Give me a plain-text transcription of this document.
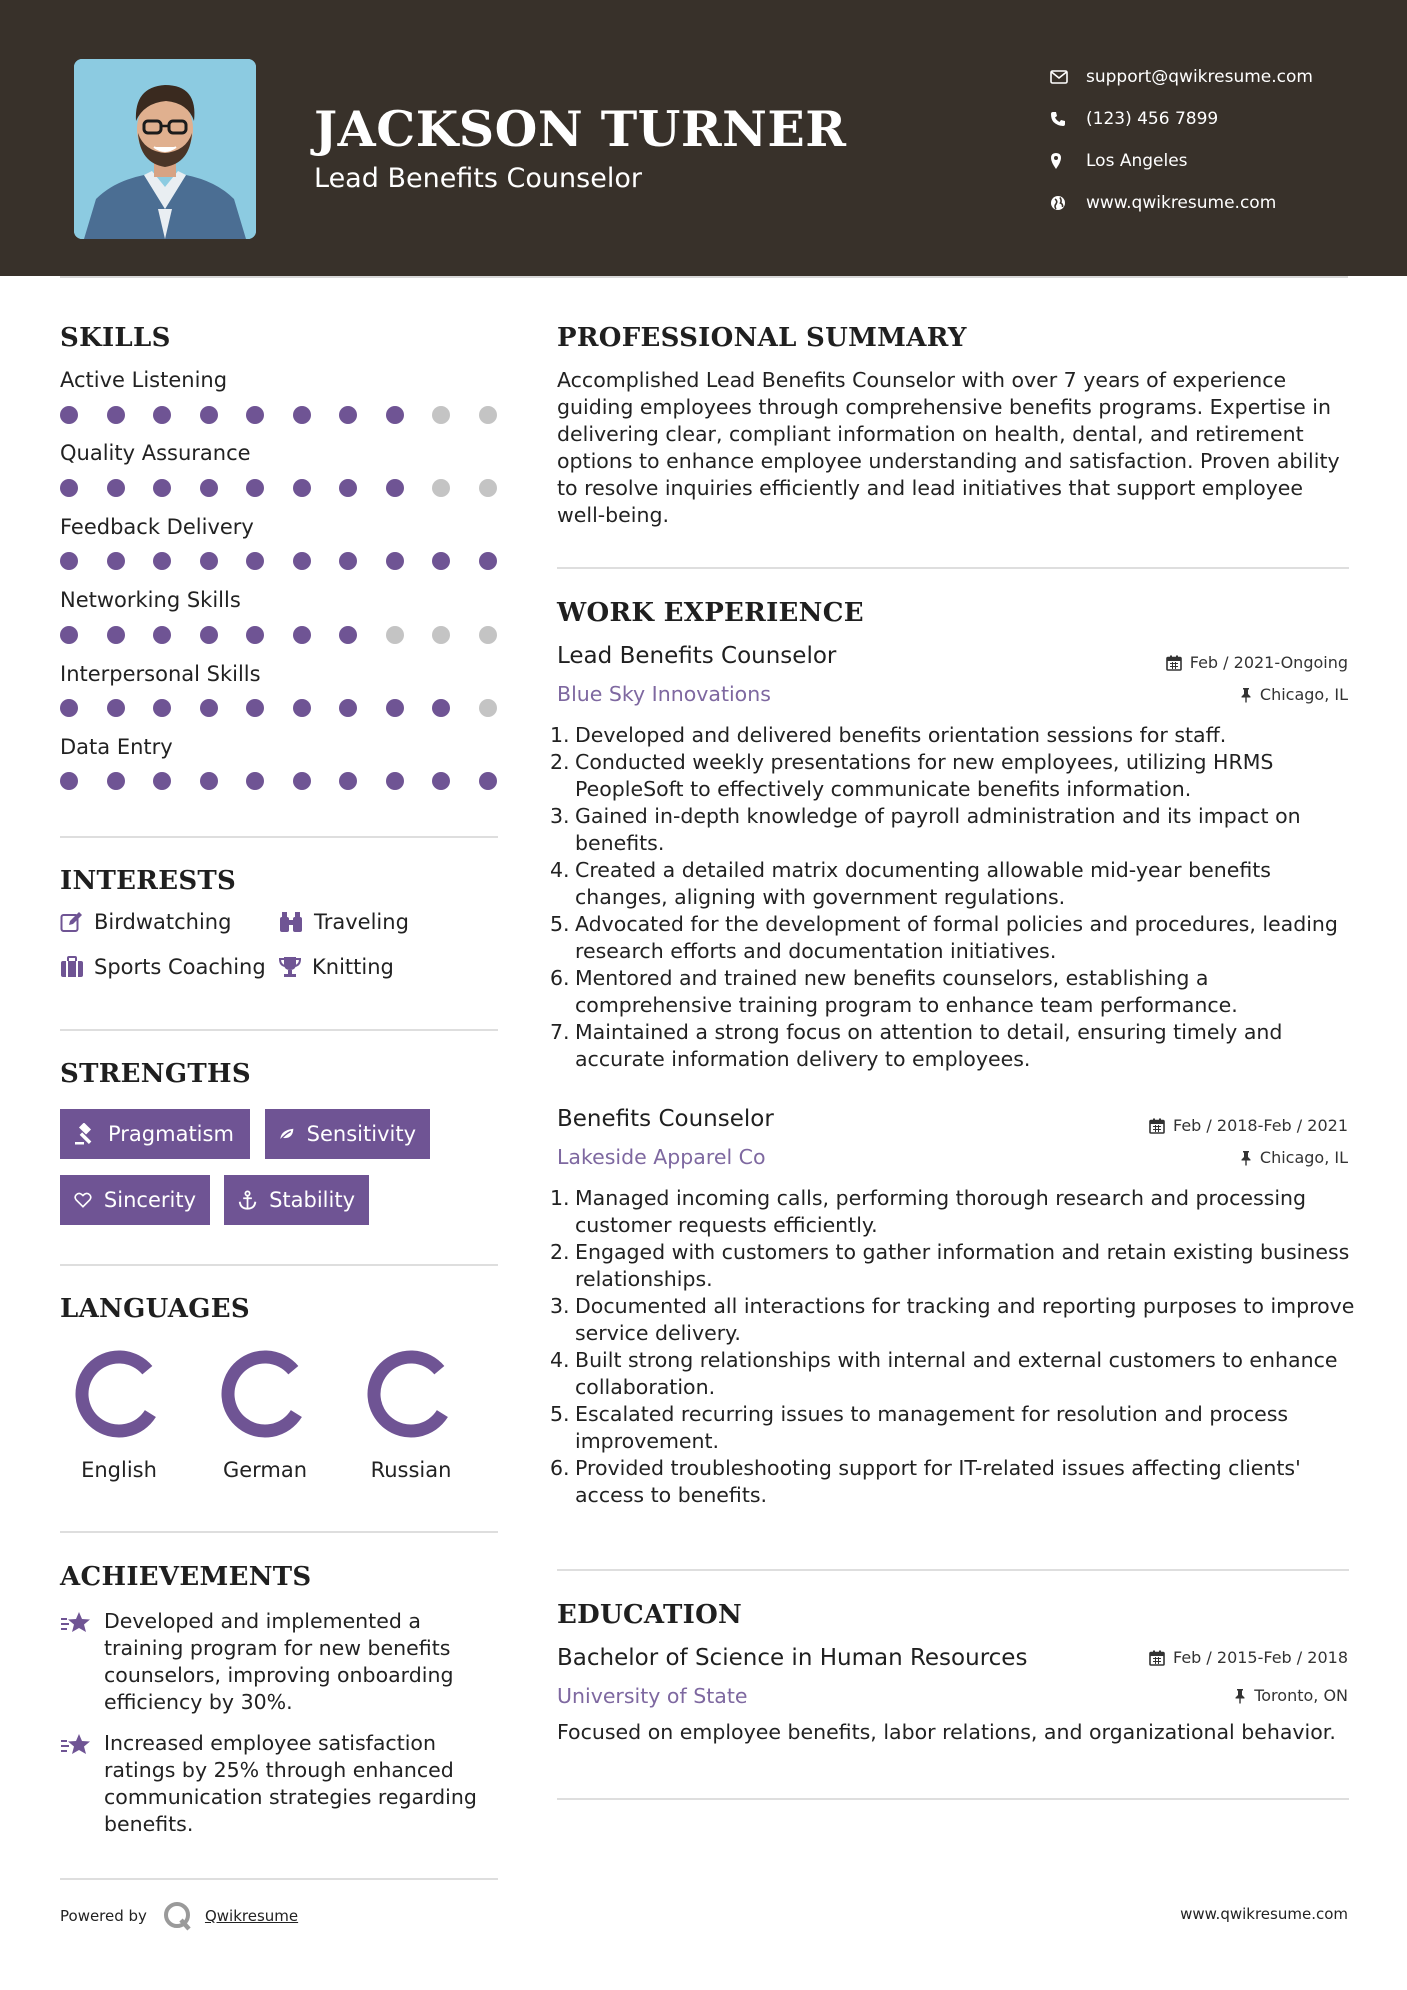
JACKSON TURNER
Lead Benefits Counselor
support@qwikresume.com
(123) 456 7899
Los Angeles
www.qwikresume.com
SKILLS
Active Listening
Quality Assurance
Feedback Delivery
Networking Skills
Interpersonal Skills
Data Entry
INTERESTS
Birdwatching	Traveling
Sports Coaching Knitting
STRENGTHS
Pragmatism	Sensitivity
Sincerity	Stability
LANGUAGES
English	German	Russian
ACHIEVEMENTS
Developed and implemented a training program for new benefits counselors, improving onboarding efficiency by 30%.
Increased employee satisfaction ratings by 25% through enhanced communication strategies regarding benefits.
PROFESSIONAL SUMMARY
Accomplished Lead Benefits Counselor with over 7 years of experience guiding employees through comprehensive benefits programs. Expertise in delivering clear, compliant information on health, dental, and retirement options to enhance employee understanding and satisfaction. Proven ability to resolve inquiries efficiently and lead initiatives that support employee well-being.
WORK EXPERIENCE
Lead Benefits Counselor	Feb / 2021-Ongoing
Blue Sky Innovations	Chicago, IL
1. Developed and delivered benefits orientation sessions for staff.
2. Conducted weekly presentations for new employees, utilizing HRMS PeopleSoft to effectively communicate benefits information.
3. Gained in-depth knowledge of payroll administration and its impact on benefits.
4. Created a detailed matrix documenting allowable mid-year benefits changes, aligning with government regulations.
5. Advocated for the development of formal policies and procedures, leading research efforts and documentation initiatives.
6. Mentored and trained new benefits counselors, establishing a comprehensive training program to enhance team performance.
7. Maintained a strong focus on attention to detail, ensuring timely and accurate information delivery to employees.
Benefits Counselor	Feb / 2018-Feb / 2021
Lakeside Apparel Co	Chicago, IL
1. Managed incoming calls, performing thorough research and processing customer requests efficiently.
2. Engaged with customers to gather information and retain existing business relationships.
3. Documented all interactions for tracking and reporting purposes to improve service delivery.
4. Built strong relationships with internal and external customers to enhance collaboration.
5. Escalated recurring issues to management for resolution and process improvement.
6. Provided troubleshooting support for IT-related issues affecting clients' access to benefits.
EDUCATION
Bachelor of Science in Human Resources	Feb / 2015-Feb / 2018
University of State	Toronto, ON
Focused on employee benefits, labor relations, and organizational behavior.
Powered by	Qwikresume	www.qwikresume.com
